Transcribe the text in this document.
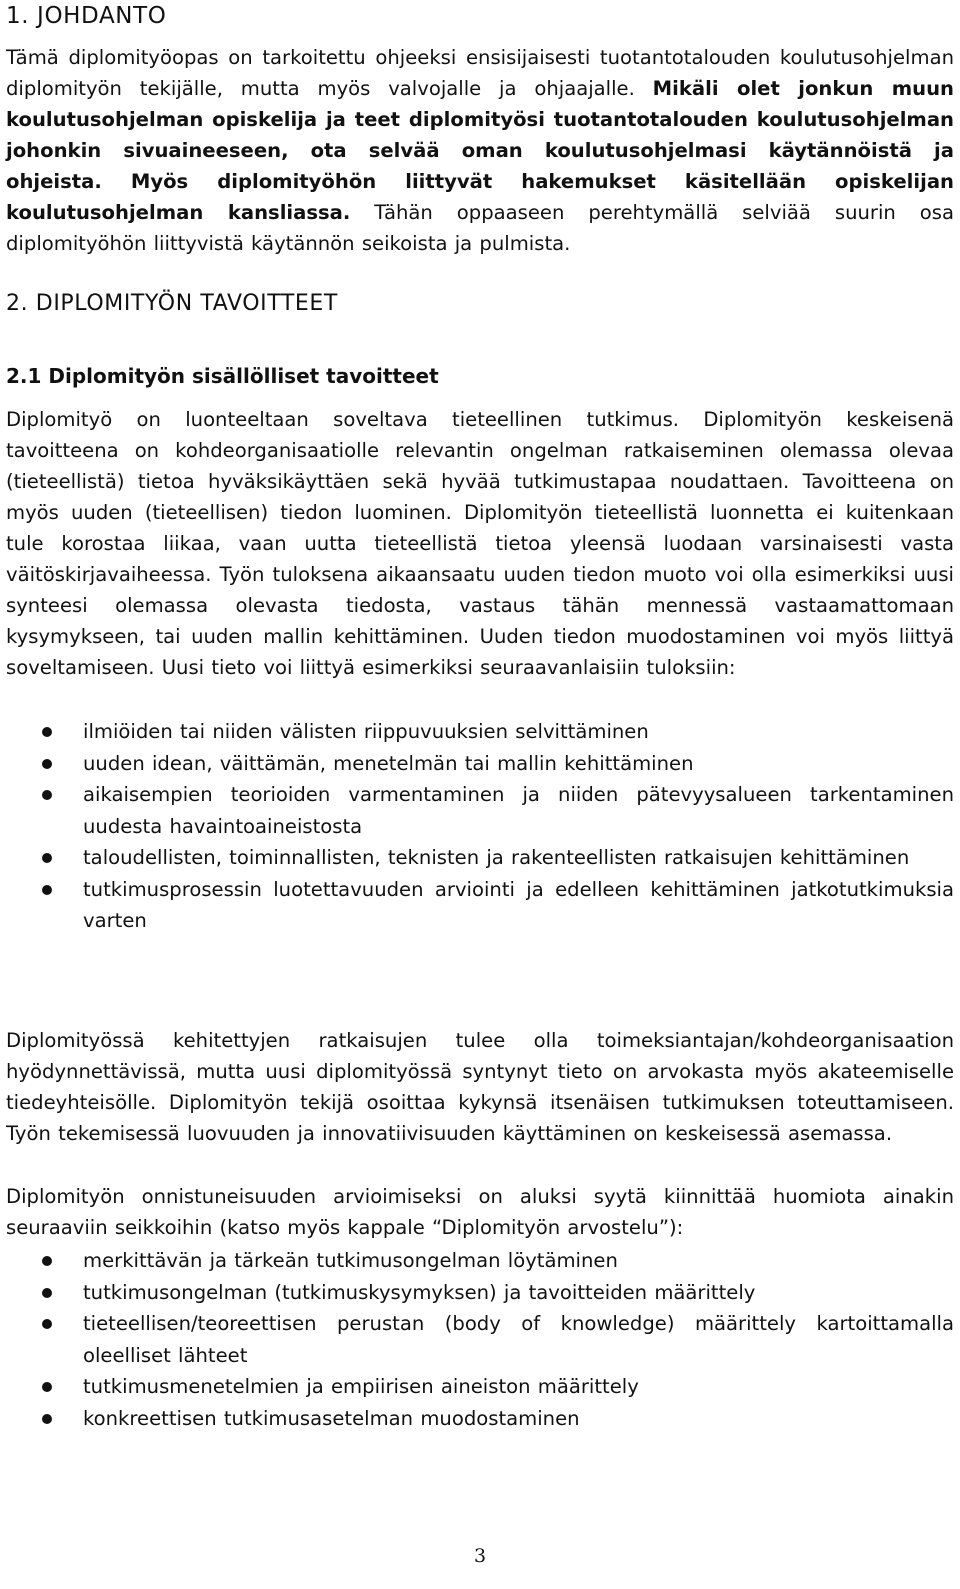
1. JOHDANTO

Tämä diplomityöopas on tarkoitettu ohjeeksi ensisijaisesti tuotantotalouden koulutusohjelman diplomityön tekijälle, mutta myös valvojalle ja ohjaajalle. Mikäli olet jonkun muun koulutusohjelman opiskelija ja teet diplomityösi tuotantotalouden koulutusohjelman johonkin sivuaineeseen, ota selvää oman koulutusohjelmasi käytännöistä ja ohjeista. Myös diplomityöhön liittyvät hakemukset käsitellään opiskelijan koulutusohjelman kansliassa. Tähän oppaaseen perehtymällä selviää suurin osa diplomityöhön liittyvistä käytännön seikoista ja pulmista.

2. DIPLOMITYÖN TAVOITTEET
2.1 Diplomityön sisällölliset tavoitteet

Diplomityö on luonteeltaan soveltava tieteellinen tutkimus. Diplomityön keskeisenä tavoitteena on kohdeorganisaatiolle relevantin ongelman ratkaiseminen olemassa olevaa (tieteellistä) tietoa hyväksikäyttäen sekä hyvää tutkimustapaa noudattaen. Tavoitteena on myös uuden (tieteellisen) tiedon luominen. Diplomityön tieteellistä luonnetta ei kuitenkaan tule korostaa liikaa, vaan uutta tieteellistä tietoa yleensä luodaan varsinaisesti vasta väitöskirjavaiheessa. Työn tuloksena aikaansaatu uuden tiedon muoto voi olla esimerkiksi uusi synteesi olemassa olevasta tiedosta, vastaus tähän mennessä vastaamattomaan kysymykseen, tai uuden mallin kehittäminen. Uuden tiedon muodostaminen voi myös liittyä soveltamiseen. Uusi tieto voi liittyä esimerkiksi seuraavanlaisiin tuloksiin:

ilmiöiden tai niiden välisten riippuvuuksien selvittäminen
uuden idean, väittämän, menetelmän tai mallin kehittäminen
aikaisempien teorioiden varmentaminen ja niiden pätevyysalueen tarkentaminen uudesta havaintoaineistosta
taloudellisten, toiminnallisten, teknisten ja rakenteellisten ratkaisujen kehittäminen
tutkimusprosessin luotettavuuden arviointi ja edelleen kehittäminen jatkotutkimuksia varten

Diplomityössä kehitettyjen ratkaisujen tulee olla toimeksiantajan/kohdeorganisaation hyödynnettävissä, mutta uusi diplomityössä syntynyt tieto on arvokasta myös akateemiselle tiedeyhteisölle. Diplomityön tekijä osoittaa kykynsä itsenäisen tutkimuksen toteuttamiseen. Työn tekemisessä luovuuden ja innovatiivisuuden käyttäminen on keskeisessä asemassa.

Diplomityön onnistuneisuuden arvioimiseksi on aluksi syytä kiinnittää huomiota ainakin seuraaviin seikkoihin (katso myös kappale “Diplomityön arvostelu”):

merkittävän ja tärkeän tutkimusongelman löytäminen
tutkimusongelman (tutkimuskysymyksen) ja tavoitteiden määrittely
tieteellisen/teoreettisen perustan (body of knowledge) määrittely kartoittamalla oleelliset lähteet
tutkimusmenetelmien ja empiirisen aineiston määrittely
konkreettisen tutkimusasetelman muodostaminen
3
